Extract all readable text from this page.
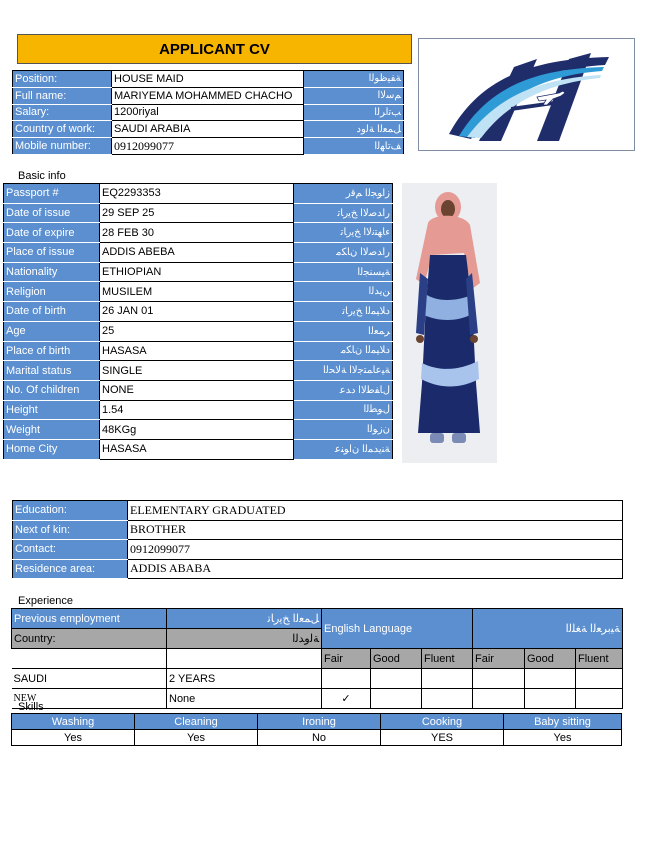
APPLICANT CV
Position:	HOUSE MAID	ﺔﻔﻴﻇﻮﻟﺍ
Full name:	MARIYEMA MOHAMMED CHACHO	ﻢﺳﻻﺍ
Salary:	1200riyal	ﺐﺗﺍﺮﻟﺍ
Country of work:	SAUDI ARABIA	ﻞﻤﻌﻟﺍ ﺔﻟﻭﺩ
Mobile number:	0912099077	ﻒﺗﺎﻬﻟﺍ
Basic info
Passport #	EQ2293353	ﺯﺍﻮﺠﻟﺍ ﻢﻗﺭ
Date of issue	29 SEP 25	ﺭﺍﺪﺻﻻﺍ ﺦﻳﺭﺎﺗ
Date of expire	28 FEB 30	ءﺎﻬﺘﻧﻻﺍ ﺦﻳﺭﺎﺗ
Place of issue	ADDIS ABEBA	ﺭﺍﺪﺻﻻﺍ ﻥﺎﻜﻣ
Nationality	ETHIOPIAN	ﺔﻴﺴﻨﺠﻟﺍ
Religion	MUSILEM	ﻦﻳﺪﻟﺍ
Date of birth	26 JAN 01	ﺩﻼﻴﻤﻟﺍ ﺦﻳﺭﺎﺗ
Age	25	ﺮﻤﻌﻟﺍ
Place of birth	HASASA	ﺩﻼﻴﻤﻟﺍ ﻥﺎﻜﻣ
Marital status	SINGLE	ﺔﻴﻋﺎﻤﺘﺟﻻﺍ ﺔﻟﺎﺤﻟﺍ
No. Of children	NONE	ﻝﺎﻔﻃﻻﺍ ﺩﺪﻋ
Height	1.54	ﻝﻮﻄﻟﺍ
Weight	48KGg	ﻥﺯﻮﻟﺍ
Home City	HASASA	ﺔﻨﻳﺪﻤﻟﺍ ﻥﺍﻮﻨﻋ
Education:	ELEMENTARY GRADUATED
Next of kin:	BROTHER
Contact:	0912099077
Residence area:	ADDIS ABABA
Experience
Previous employment	ﻞﻤﻌﻟﺍ ﺦﻳﺭﺎﺗ	English Language			ﺔﻴﺑﺮﻌﻟﺍ ﺔﻐﻠﻟﺍ		
Country:	ﺔﻟﻭﺪﻟﺍ						
		Fair	Good	Fluent	Fair	Good	Fluent
SAUDI	2 YEARS						
NEW	None	✓					
Skills
Washing	Cleaning	Ironing	Cooking	Baby sitting
Yes	Yes	No	YES	Yes
